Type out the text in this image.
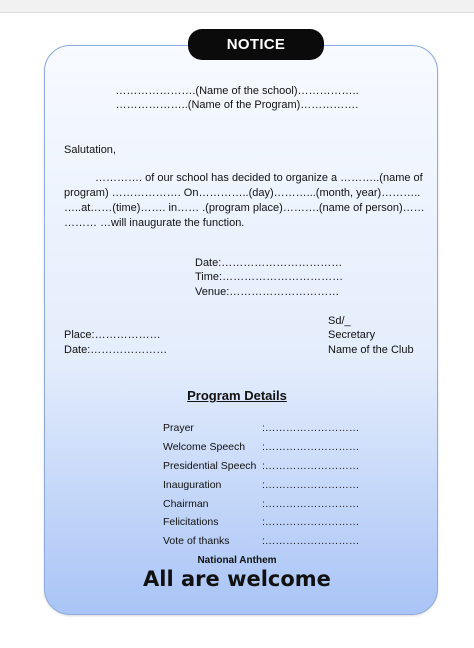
NOTICE
………………….(Name of the school)……………..
………………..(Name of the Program)…………….
Salutation,
…………. of our school has decided to organize a ………..(name of
program) ………………. On…………..(day)………...(month, year)………..
…..at……(time)……. in…… .(program place)……….(name of person)……
……… …will inaugurate the function.
Date:……………………………
Time:……………………………
Venue:…………………………
Sd/_
Secretary
Name of the Club
Place:………………
Date:…………………
Program Details
Prayer	:………………………
Welcome Speech :………………………
Presidential Speech :………………………
Inauguration	:………………………
Chairman	:………………………
Felicitations	:………………………
Vote of thanks	:………………………
National Anthem
All are welcome
